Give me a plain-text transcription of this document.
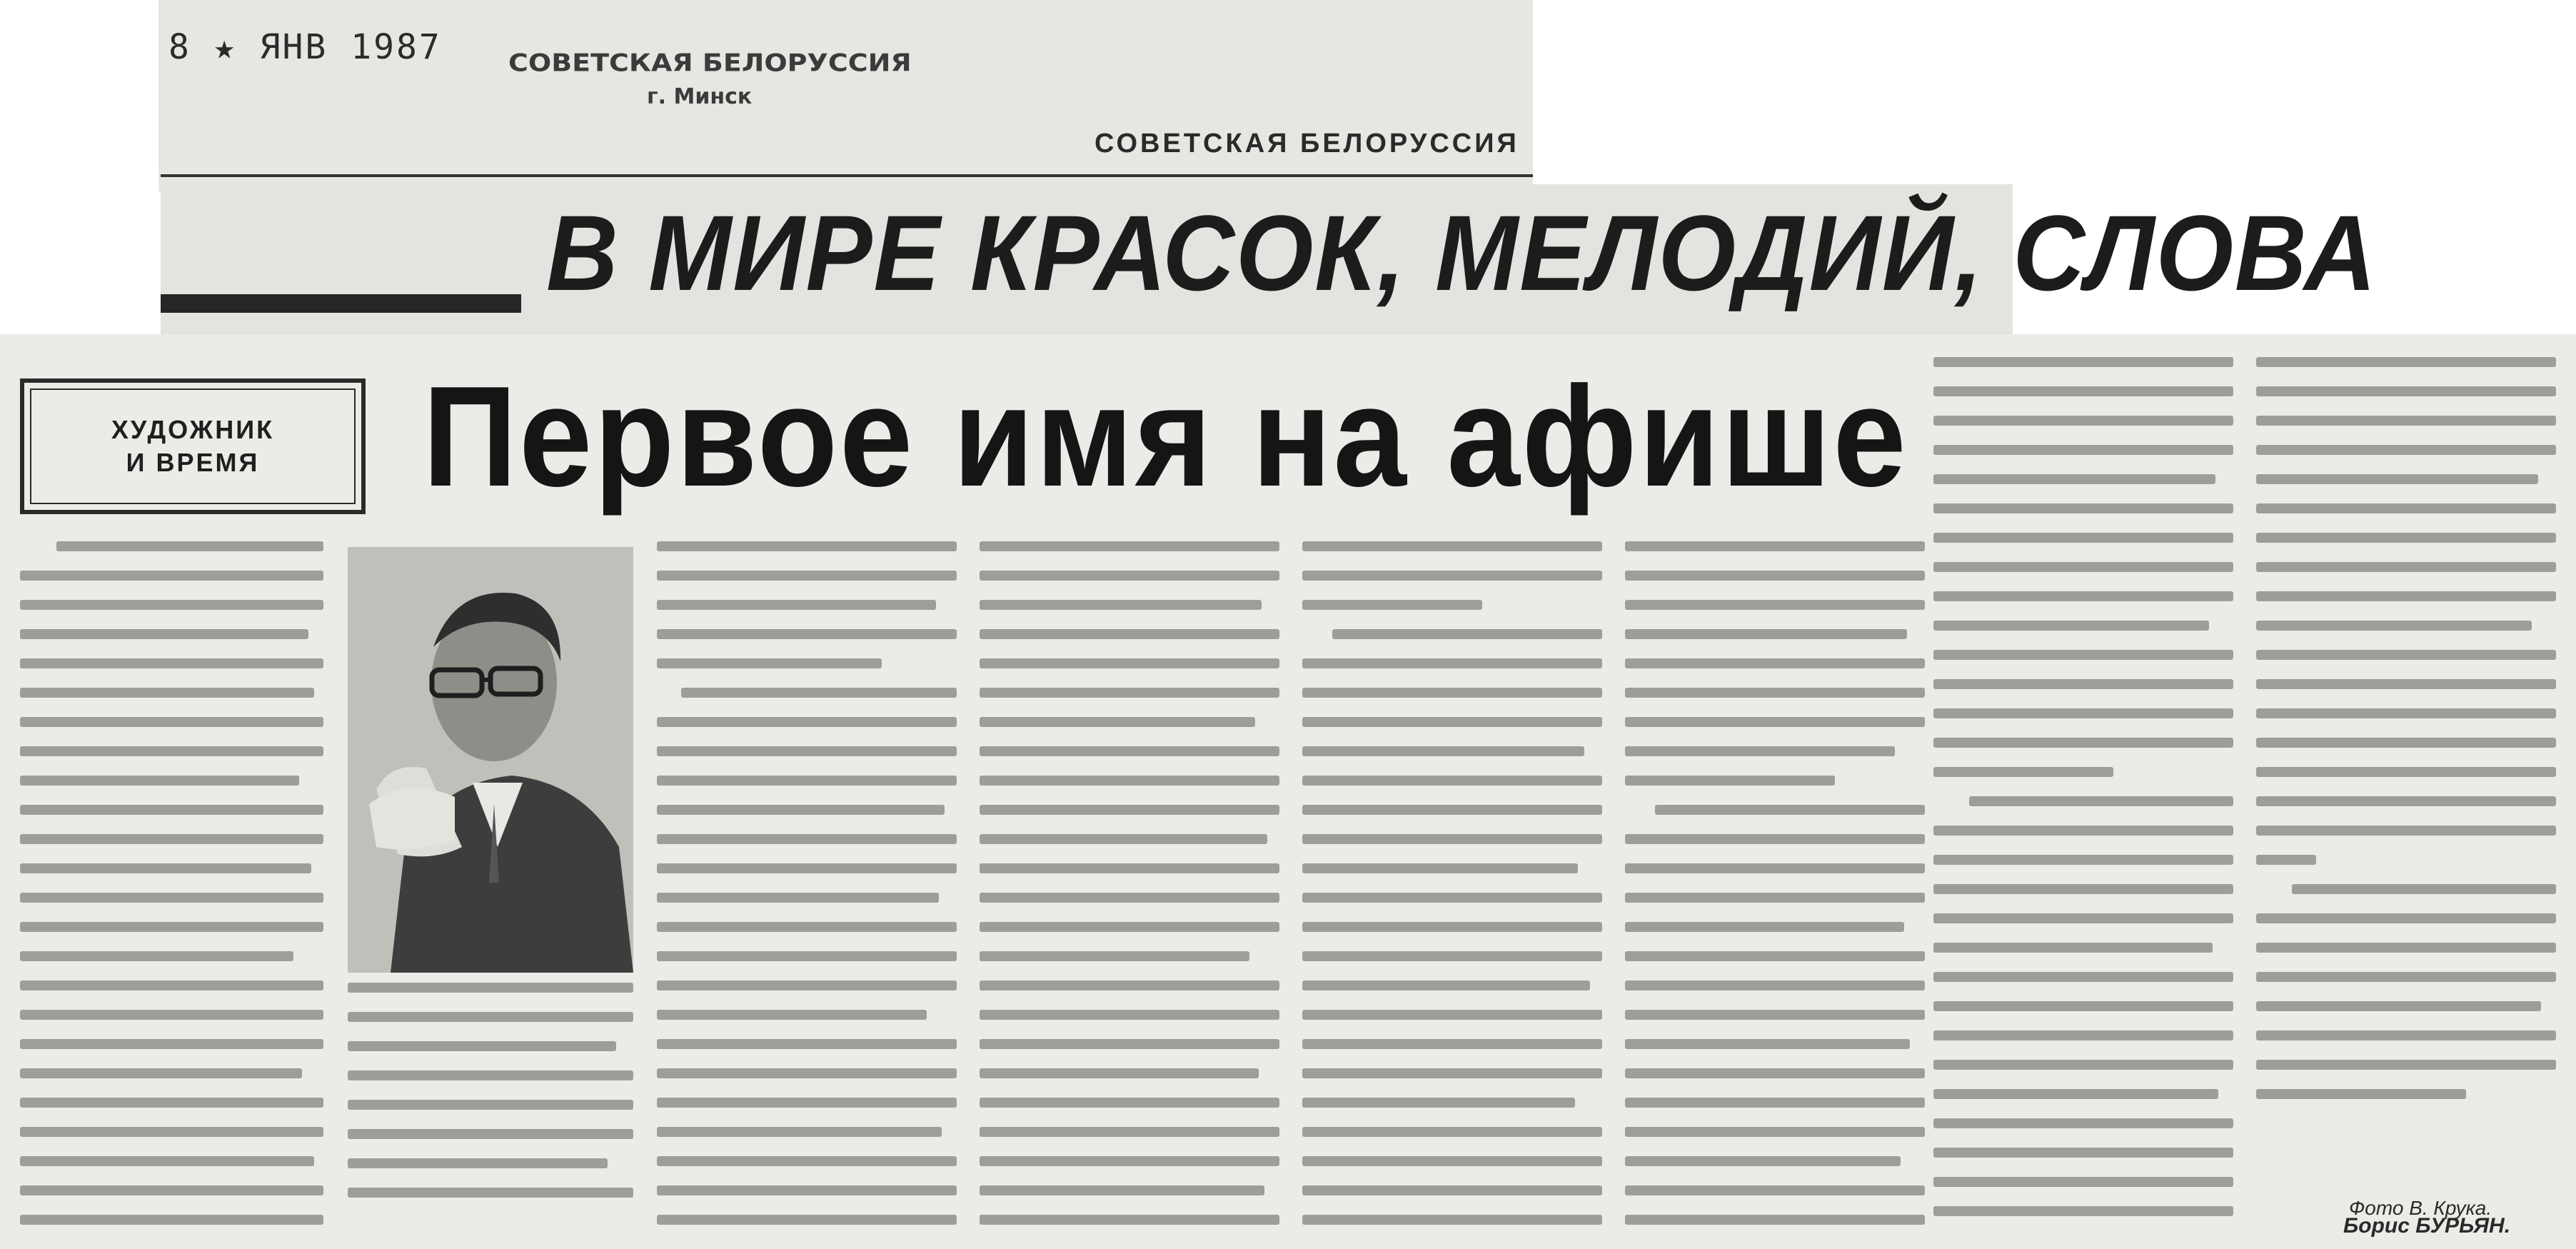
8 ★ ЯНВ 1987 СОВЕТСКАЯ БЕЛОРУССИЯ
г. Минск
СОВЕТСКАЯ БЕЛОРУССИЯ
В МИРЕ КРАСОК, МЕЛОДИЙ, СЛОВА
ХУДОЖНИК
И ВРЕМЯ Первое имя на афише
Фото В. Крука.
Борис БУРЬЯН.
